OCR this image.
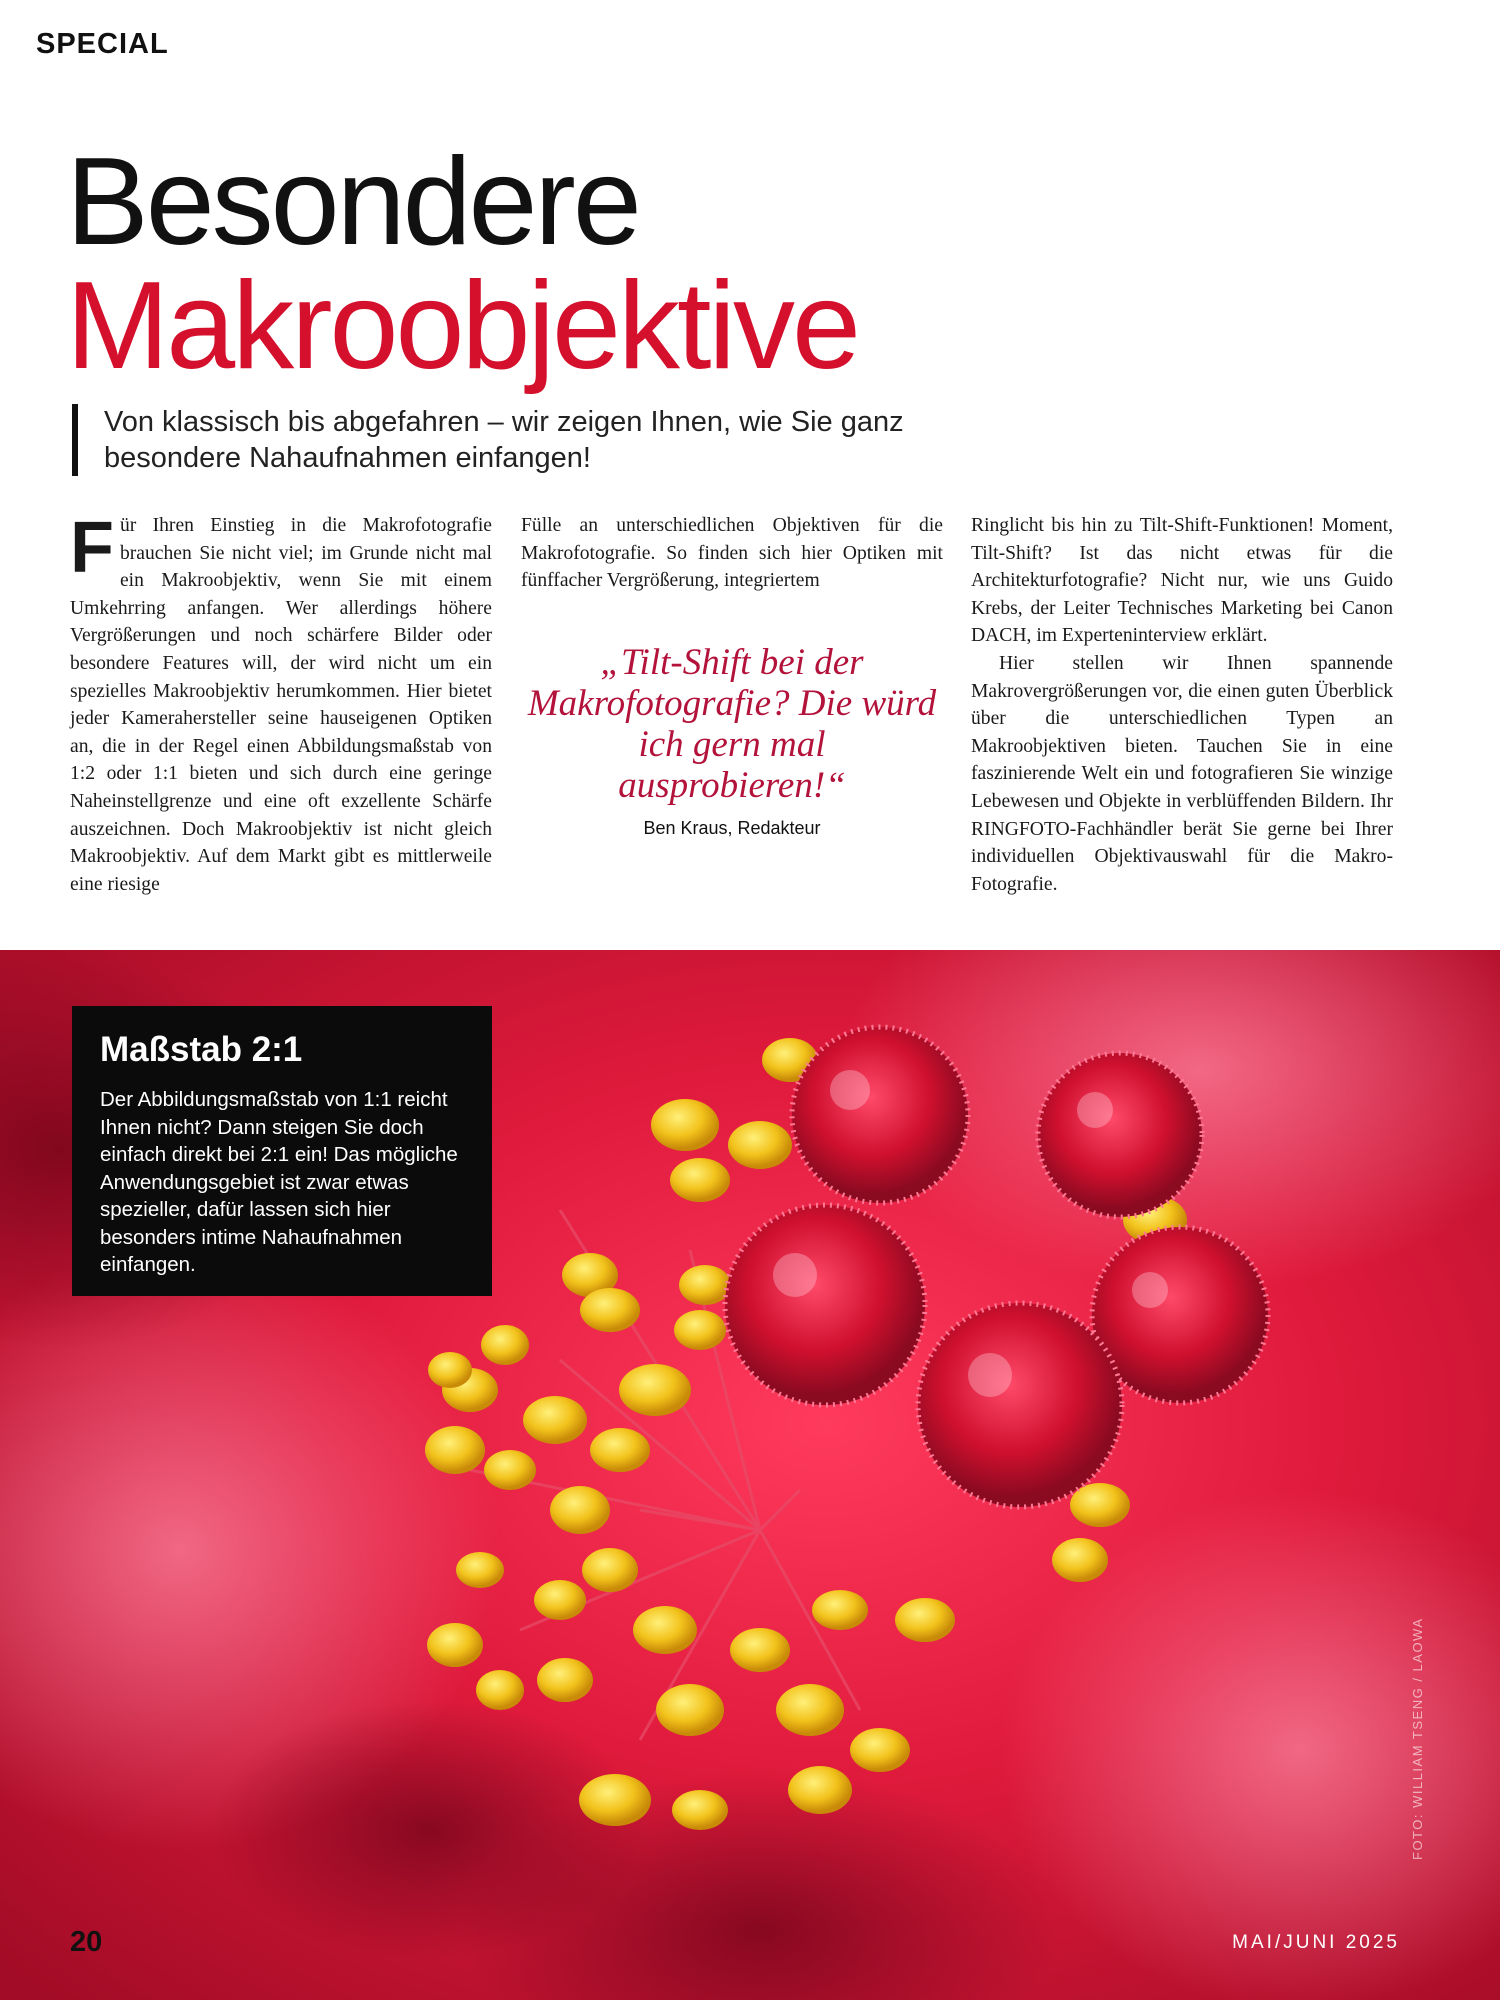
SPECIAL
Besondere
Makroobjektive
Von klassisch bis abgefahren – wir zeigen Ihnen, wie Sie ganz besondere Nahaufnahmen einfangen!

Für Ihren Einstieg in die Makrofotografie brauchen Sie nicht viel; im Grunde nicht mal ein Makroobjektiv, wenn Sie mit einem Umkehrring anfangen. Wer allerdings höhere Vergrößerungen und noch schärfere Bilder oder besondere Features will, der wird nicht um ein spezielles Makroobjektiv herumkommen. Hier bietet jeder Kamerahersteller seine hauseigenen Optiken an, die in der Regel einen Abbildungsmaßstab von 1:2 oder 1:1 bieten und sich durch eine geringe Naheinstellgrenze und eine oft exzellente Schärfe auszeichnen. Doch Makroobjektiv ist nicht gleich Makroobjektiv. Auf dem Markt gibt es mittlerweile eine riesige

Fülle an unterschiedlichen Objektiven für die Makrofotografie. So finden sich hier Optiken mit fünffacher Vergrößerung, integriertem

„Tilt-Shift bei der Makrofotografie? Die würd ich gern mal ausprobieren!“
Ben Kraus, Redakteur

Ringlicht bis hin zu Tilt-Shift-Funktionen! Moment, Tilt-Shift? Ist das nicht etwas für die Architekturfotografie? Nicht nur, wie uns Guido Krebs, der Leiter Technisches Marketing bei Canon DACH, im Experteninterview erklärt.

Hier stellen wir Ihnen spannende Makrovergrößerungen vor, die einen guten Überblick über die unterschiedlichen Typen an Makroobjektiven bieten. Tauchen Sie in eine faszinierende Welt ein und fotografieren Sie winzige Lebewesen und Objekte in verblüffenden Bildern. Ihr RINGFOTO-Fachhändler berät Sie gerne bei Ihrer individuellen Objektivauswahl für die Makro-Fotografie.

Maßstab 2:1
Der Abbildungsmaßstab von 1:1 reicht Ihnen nicht? Dann steigen Sie doch einfach direkt bei 2:1 ein! Das mögliche Anwendungsgebiet ist zwar etwas spezieller, dafür lassen sich hier besonders intime Nahaufnahmen einfangen.
FOTO: WILLIAM TSENG / LAOWA
20	MAI/JUNI 2025
